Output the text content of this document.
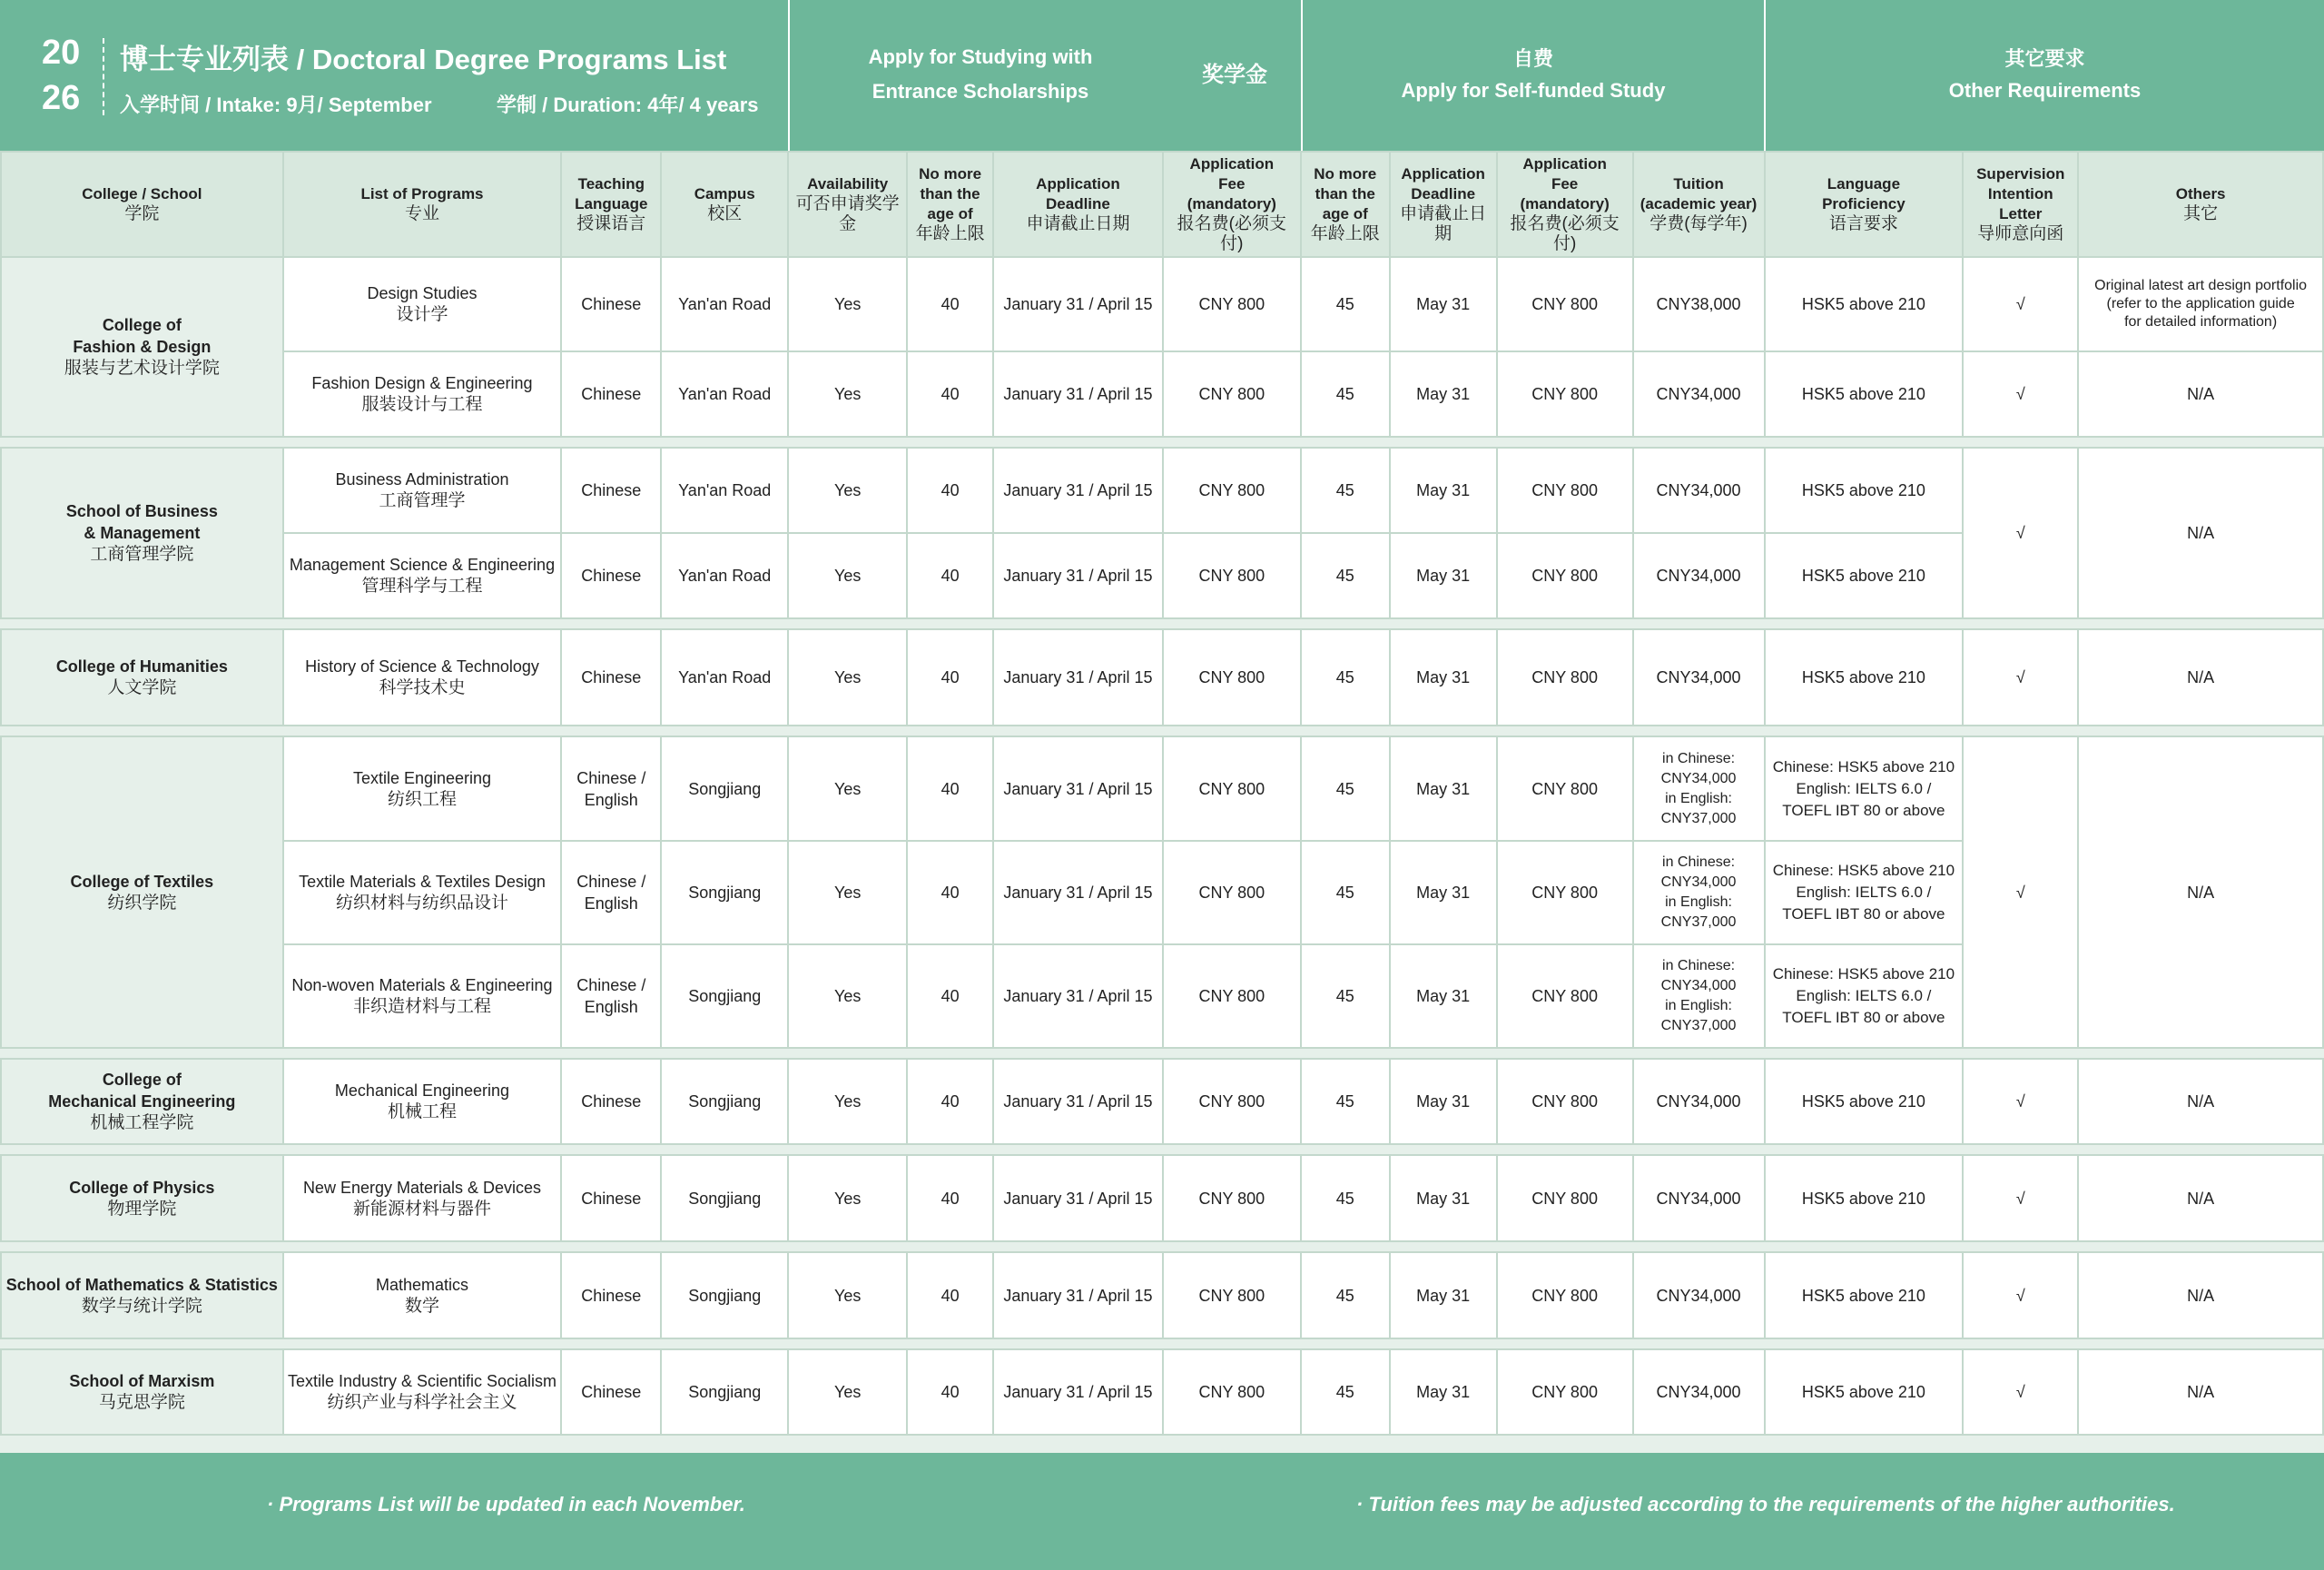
20
26
博士专业列表 / Doctoral Degree Programs List
入学时间 / Intake: 9月/ September	学制 / Duration: 4年/ 4 years
Apply for Studying with
Entrance Scholarships
奖学金
自费
Apply for Self-funded Study
其它要求
Other Requirements
College / School
学院	List of Programs
专业	Teaching
Language
授课语言	Campus
校区	Availability
可否申请奖学金	No more
than the
age of
年龄上限	Application
Deadline
申请截止日期	Application
Fee
(mandatory)
报名费(必须支付)	No more
than the
age of
年龄上限	Application
Deadline
申请截止日期	Application
Fee
(mandatory)
报名费(必须支付)	Tuition
(academic year)
学费(每学年)	Language
Proficiency
语言要求	Supervision
Intention
Letter
导师意向函	Others
其它

College of
Fashion & Design
服装与艺术设计学院	Design Studies
设计学	Chinese	Yan'an Road	Yes	40	January 31 / April 15	CNY 800	45	May 31	CNY 800	CNY38,000	HSK5 above 210	√	Original latest art design portfolio
(refer to the application guide
for detailed information)
	Fashion Design & Engineering
服装设计与工程	Chinese	Yan'an Road	Yes	40	January 31 / April 15	CNY 800	45	May 31	CNY 800	CNY34,000	HSK5 above 210	√	N/A

School of Business
& Management
工商管理学院	Business Administration
工商管理学	Chinese	Yan'an Road	Yes	40	January 31 / April 15	CNY 800	45	May 31	CNY 800	CNY34,000	HSK5 above 210	√	N/A
	Management Science & Engineering
管理科学与工程	Chinese	Yan'an Road	Yes	40	January 31 / April 15	CNY 800	45	May 31	CNY 800	CNY34,000	HSK5 above 210		

College of Humanities
人文学院	History of Science & Technology
科学技术史	Chinese	Yan'an Road	Yes	40	January 31 / April 15	CNY 800	45	May 31	CNY 800	CNY34,000	HSK5 above 210	√	N/A

College of Textiles
纺织学院	Textile Engineering
纺织工程	Chinese /
English	Songjiang	Yes	40	January 31 / April 15	CNY 800	45	May 31	CNY 800	in Chinese:
CNY34,000
in English:
CNY37,000	Chinese: HSK5 above 210
English: IELTS 6.0 /
TOEFL IBT 80 or above	√	N/A
	Textile Materials & Textiles Design
纺织材料与纺织品设计	Chinese /
English	Songjiang	Yes	40	January 31 / April 15	CNY 800	45	May 31	CNY 800	in Chinese:
CNY34,000
in English:
CNY37,000	Chinese: HSK5 above 210
English: IELTS 6.0 /
TOEFL IBT 80 or above		
	Non-woven Materials & Engineering
非织造材料与工程	Chinese /
English	Songjiang	Yes	40	January 31 / April 15	CNY 800	45	May 31	CNY 800	in Chinese:
CNY34,000
in English:
CNY37,000	Chinese: HSK5 above 210
English: IELTS 6.0 /
TOEFL IBT 80 or above		

College of
Mechanical Engineering
机械工程学院	Mechanical Engineering
机械工程	Chinese	Songjiang	Yes	40	January 31 / April 15	CNY 800	45	May 31	CNY 800	CNY34,000	HSK5 above 210	√	N/A

College of Physics
物理学院	New Energy Materials & Devices
新能源材料与器件	Chinese	Songjiang	Yes	40	January 31 / April 15	CNY 800	45	May 31	CNY 800	CNY34,000	HSK5 above 210	√	N/A

School of Mathematics & Statistics
数学与统计学院	Mathematics
数学	Chinese	Songjiang	Yes	40	January 31 / April 15	CNY 800	45	May 31	CNY 800	CNY34,000	HSK5 above 210	√	N/A

School of Marxism
马克思学院	Textile Industry & Scientific Socialism
纺织产业与科学社会主义	Chinese	Songjiang	Yes	40	January 31 / April 15	CNY 800	45	May 31	CNY 800	CNY34,000	HSK5 above 210	√	N/A
· Programs List will be updated in each November.	· Tuition fees may be adjusted according to the requirements of the higher authorities.
